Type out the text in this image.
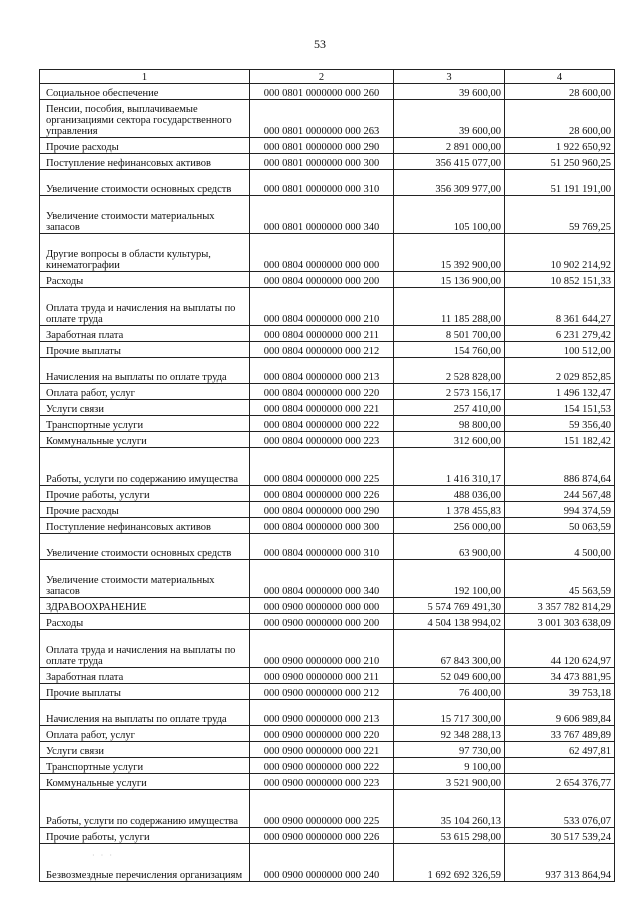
53
1	2	3	4
Социальное обеспечение	000 0801 0000000 000 260	39 600,00	28 600,00
Пенсии, пособия, выплачиваемые организациями сектора государственного управления	000 0801 0000000 000 263	39 600,00	28 600,00
Прочие расходы	000 0801 0000000 000 290	2 891 000,00	1 922 650,92
Поступление нефинансовых активов	000 0801 0000000 000 300	356 415 077,00	51 250 960,25
Увеличение стоимости основных средств	000 0801 0000000 000 310	356 309 977,00	51 191 191,00
Увеличение стоимости материальных запасов	000 0801 0000000 000 340	105 100,00	59 769,25
Другие вопросы в области культуры, кинематографии	000 0804 0000000 000 000	15 392 900,00	10 902 214,92
Расходы	000 0804 0000000 000 200	15 136 900,00	10 852 151,33
Оплата труда и начисления на выплаты по оплате труда	000 0804 0000000 000 210	11 185 288,00	8 361 644,27
Заработная плата	000 0804 0000000 000 211	8 501 700,00	6 231 279,42
Прочие выплаты	000 0804 0000000 000 212	154 760,00	100 512,00
Начисления на выплаты по оплате труда	000 0804 0000000 000 213	2 528 828,00	2 029 852,85
Оплата работ, услуг	000 0804 0000000 000 220	2 573 156,17	1 496 132,47
Услуги связи	000 0804 0000000 000 221	257 410,00	154 151,53
Транспортные услуги	000 0804 0000000 000 222	98 800,00	59 356,40
Коммунальные услуги	000 0804 0000000 000 223	312 600,00	151 182,42
Работы, услуги по содержанию имущества	000 0804 0000000 000 225	1 416 310,17	886 874,64
Прочие работы, услуги	000 0804 0000000 000 226	488 036,00	244 567,48
Прочие расходы	000 0804 0000000 000 290	1 378 455,83	994 374,59
Поступление нефинансовых активов	000 0804 0000000 000 300	256 000,00	50 063,59
Увеличение стоимости основных средств	000 0804 0000000 000 310	63 900,00	4 500,00
Увеличение стоимости материальных запасов	000 0804 0000000 000 340	192 100,00	45 563,59
ЗДРАВООХРАНЕНИЕ	000 0900 0000000 000 000	5 574 769 491,30	3 357 782 814,29
Расходы	000 0900 0000000 000 200	4 504 138 994,02	3 001 303 638,09
Оплата труда и начисления на выплаты по оплате труда	000 0900 0000000 000 210	67 843 300,00	44 120 624,97
Заработная плата	000 0900 0000000 000 211	52 049 600,00	34 473 881,95
Прочие выплаты	000 0900 0000000 000 212	76 400,00	39 753,18
Начисления на выплаты по оплате труда	000 0900 0000000 000 213	15 717 300,00	9 606 989,84
Оплата работ, услуг	000 0900 0000000 000 220	92 348 288,13	33 767 489,89
Услуги связи	000 0900 0000000 000 221	97 730,00	62 497,81
Транспортные услуги	000 0900 0000000 000 222	9 100,00	
Коммунальные услуги	000 0900 0000000 000 223	3 521 900,00	2 654 376,77
Работы, услуги по содержанию имущества	000 0900 0000000 000 225	35 104 260,13	533 076,07
Прочие работы, услуги	000 0900 0000000 000 226	53 615 298,00	30 517 539,24
Безвозмездные перечисления организациям	000 0900 0000000 000 240	1 692 692 326,59	937 313 864,94
· · ·
